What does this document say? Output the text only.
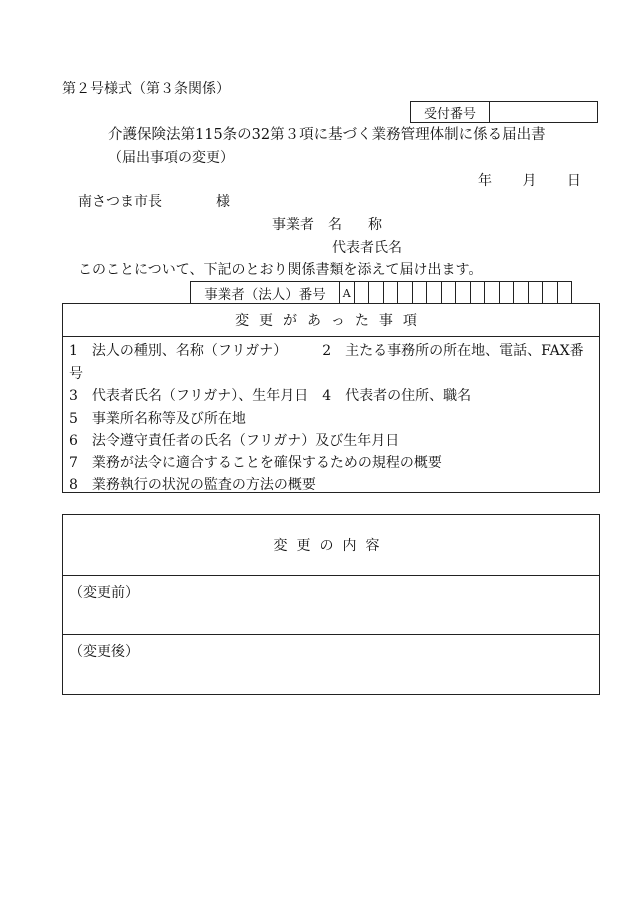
第２号様式（第３条関係）
受付番号
介護保険法第115条の32第３項に基づく業務管理体制に係る届出書
（届出事項の変更）
年 月 日
南さつま市長	様
事業者 名 称
代表者氏名
このことについて、下記のとおり関係書類を添えて届け出ます。
事業者（法人）番号	A
変更があった事項
1　法人の種別、名称（フリガナ）　　　2　主たる事務所の所在地、電話、FAX番
号
3　代表者氏名（フリガナ）、生年月日　4　代表者の住所、職名
5　事業所名称等及び所在地
6　法令遵守責任者の氏名（フリガナ）及び生年月日
7　業務が法令に適合することを確保するための規程の概要
8　業務執行の状況の監査の方法の概要
変更の内容
（変更前）
（変更後）
